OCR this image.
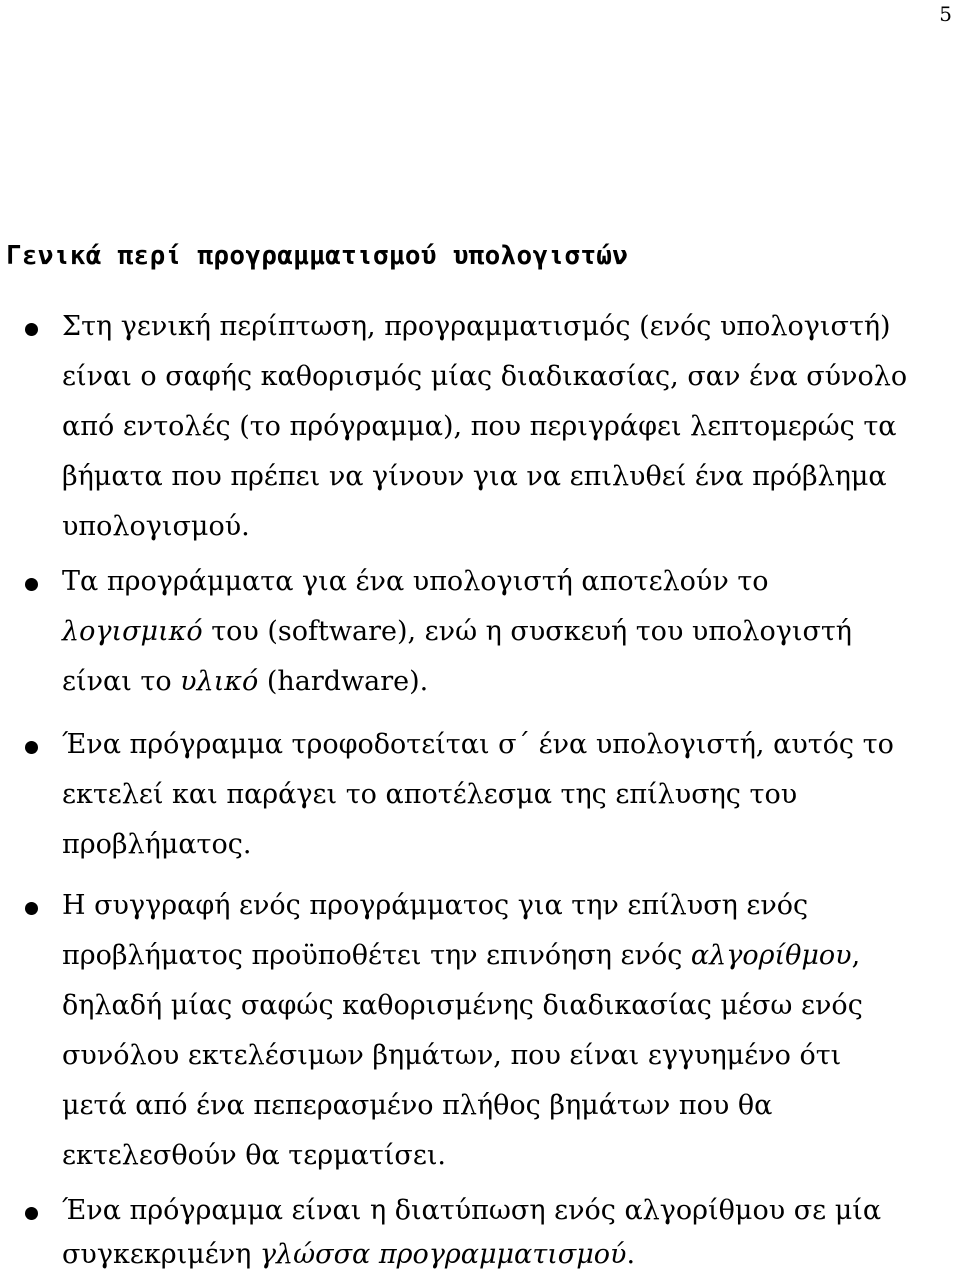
5
Γενικά περί προγραμματισμού υπολογιστών
Στη γενική περίπτωση, προγραμματισμός (ενός υπολογιστή)
είναι ο σαφής καθορισμός μίας διαδικασίας, σαν ένα σύνολο
από εντολές (το πρόγραμμα), που περιγράφει λεπτομερώς τα
βήματα που πρέπει να γίνουν για να επιλυθεί ένα πρόβλημα
υπολογισμού.
Τα προγράμματα για ένα υπολογιστή αποτελούν το
λογισμικό του (software), ενώ η συσκευή του υπολογιστή
είναι το υλικό (hardware).
Ένα πρόγραμμα τροφοδοτείται σ΄ ένα υπολογιστή, αυτός το
εκτελεί και παράγει το αποτέλεσμα της επίλυσης του
προβλήματος.
Η συγγραφή ενός προγράμματος για την επίλυση ενός
προβλήματος προϋποθέτει την επινόηση ενός αλγορίθμου,
δηλαδή μίας σαφώς καθορισμένης διαδικασίας μέσω ενός
συνόλου εκτελέσιμων βημάτων, που είναι εγγυημένο ότι
μετά από ένα πεπερασμένο πλήθος βημάτων που θα
εκτελεσθούν θα τερματίσει.
Ένα πρόγραμμα είναι η διατύπωση ενός αλγορίθμου σε μία
συγκεκριμένη γλώσσα προγραμματισμού.
